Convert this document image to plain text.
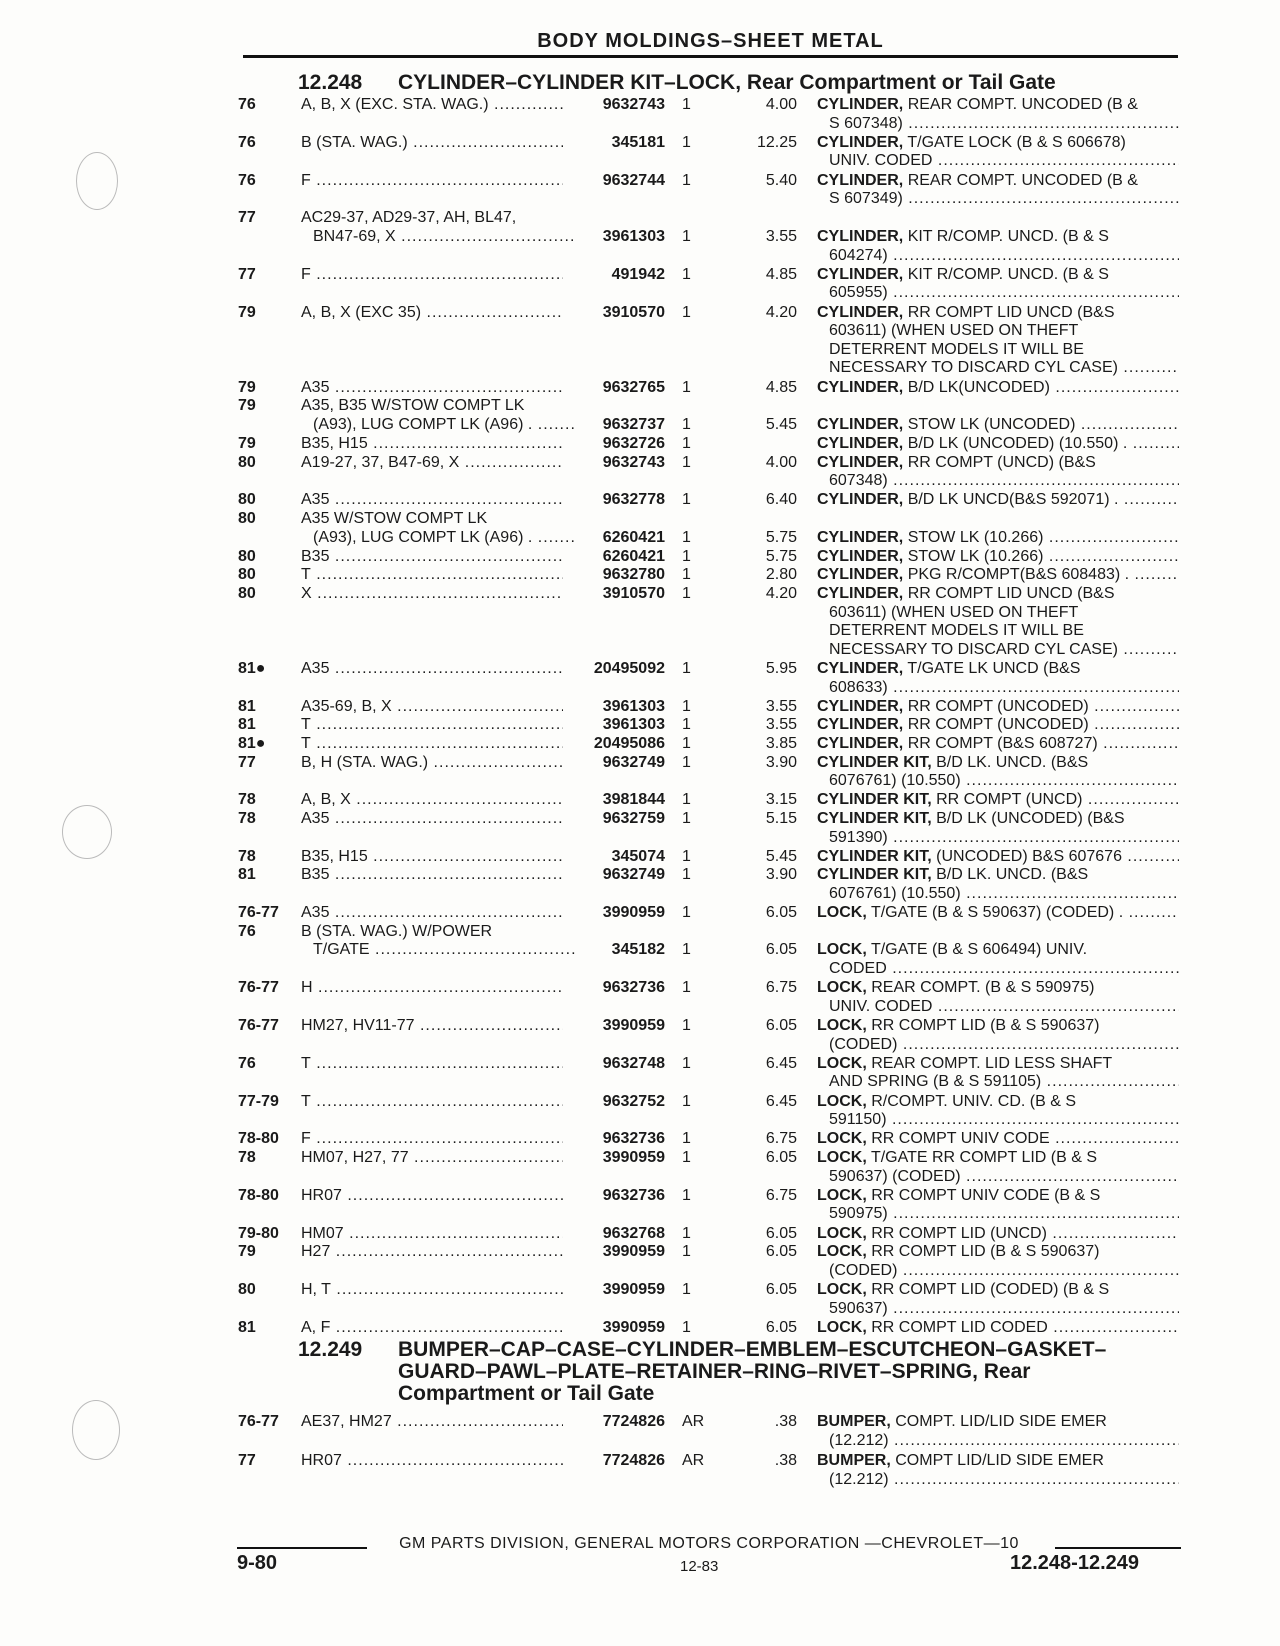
BODY MOLDINGS–SHEET METAL
12.248 CYLINDER–CYLINDER KIT–LOCK, Rear Compartment or Tail Gate
76	A, B, X (EXC. STA. WAG.) .....	9632743 1	4.00 CYLINDER, REAR COMPT. UNCODED (B &
S 607348) .....
76	B (STA. WAG.) .....	345181 1	12.25 CYLINDER, T/GATE LOCK (B & S 606678)
UNIV. CODED .....
76	F .....	9632744 1	5.40 CYLINDER, REAR COMPT. UNCODED (B &
S 607349) .....
77	AC29-37, AD29-37, AH, BL47,
BN47-69, X .....	3961303 1	3.55 CYLINDER, KIT R/COMP. UNCD. (B & S
604274) .....
77	F .....	491942 1	4.85 CYLINDER, KIT R/COMP. UNCD. (B & S
605955) .....
79	A, B, X (EXC 35) .....	3910570 1	4.20 CYLINDER, RR COMPT LID UNCD (B&S
603611) (WHEN USED ON THEFT
DETERRENT MODELS IT WILL BE
NECESSARY TO DISCARD CYL CASE) .....
79	A35 .....	9632765 1	4.85 CYLINDER, B/D LK(UNCODED) .....
79	A35, B35 W/STOW COMPT LK
(A93), LUG COMPT LK (A96) . .....	9632737 1	5.45 CYLINDER, STOW LK (UNCODED) .....
79	B35, H15 .....	9632726 1	CYLINDER, B/D LK (UNCODED) (10.550) . .....
80	A19-27, 37, B47-69, X .....	9632743 1	4.00 CYLINDER, RR COMPT (UNCD) (B&S
607348) .....
80	A35 .....	9632778 1	6.40 CYLINDER, B/D LK UNCD(B&S 592071) . .....
80	A35 W/STOW COMPT LK
(A93), LUG COMPT LK (A96) . .....	6260421 1	5.75 CYLINDER, STOW LK (10.266) .....
80	B35 .....	6260421 1	5.75 CYLINDER, STOW LK (10.266) .....
80	T .....	9632780 1	2.80 CYLINDER, PKG R/COMPT(B&S 608483) . .....
80	X .....	3910570 1	4.20 CYLINDER, RR COMPT LID UNCD (B&S
603611) (WHEN USED ON THEFT
DETERRENT MODELS IT WILL BE
NECESSARY TO DISCARD CYL CASE) .....
81●	A35 .....	20495092 1	5.95 CYLINDER, T/GATE LK UNCD (B&S
608633) .....
81	A35-69, B, X .....	3961303 1	3.55 CYLINDER, RR COMPT (UNCODED) .....
81	T .....	3961303 1	3.55 CYLINDER, RR COMPT (UNCODED) .....
81●	T .....	20495086 1	3.85 CYLINDER, RR COMPT (B&S 608727) .....
77	B, H (STA. WAG.) .....	9632749 1	3.90 CYLINDER KIT, B/D LK. UNCD. (B&S
6076761) (10.550) .....
78	A, B, X .....	3981844 1	3.15 CYLINDER KIT, RR COMPT (UNCD) .....
78	A35 .....	9632759 1	5.15 CYLINDER KIT, B/D LK (UNCODED) (B&S
591390) .....
78	B35, H15 .....	345074 1	5.45 CYLINDER KIT, (UNCODED) B&S 607676 .....
81	B35 .....	9632749 1	3.90 CYLINDER KIT, B/D LK. UNCD. (B&S
6076761) (10.550) .....
76-77	A35 .....	3990959 1	6.05 LOCK, T/GATE (B & S 590637) (CODED) . .....
76	B (STA. WAG.) W/POWER
T/GATE .....	345182 1	6.05 LOCK, T/GATE (B & S 606494) UNIV.
CODED .....
76-77	H .....	9632736 1	6.75 LOCK, REAR COMPT. (B & S 590975)
UNIV. CODED .....
76-77	HM27, HV11-77 .....	3990959 1	6.05 LOCK, RR COMPT LID (B & S 590637)
(CODED) .....
76	T .....	9632748 1	6.45 LOCK, REAR COMPT. LID LESS SHAFT
AND SPRING (B & S 591105) .....
77-79	T .....	9632752 1	6.45 LOCK, R/COMPT. UNIV. CD. (B & S
591150) .....
78-80	F .....	9632736 1	6.75 LOCK, RR COMPT UNIV CODE .....
78	HM07, H27, 77 .....	3990959 1	6.05 LOCK, T/GATE RR COMPT LID (B & S
590637) (CODED) .....
78-80	HR07 .....	9632736 1	6.75 LOCK, RR COMPT UNIV CODE (B & S
590975) .....
79-80	HM07 .....	9632768 1	6.05 LOCK, RR COMPT LID (UNCD) .....
79	H27 .....	3990959 1	6.05 LOCK, RR COMPT LID (B & S 590637)
(CODED) .....
80	H, T .....	3990959 1	6.05 LOCK, RR COMPT LID (CODED) (B & S
590637) .....
81	A, F .....	3990959 1	6.05 LOCK, RR COMPT LID CODED .....
12.249 BUMPER–CAP–CASE–CYLINDER–EMBLEM–ESCUTCHEON–GASKET–
GUARD–PAWL–PLATE–RETAINER–RING–RIVET–SPRING, Rear
Compartment or Tail Gate
76-77	AE37, HM27 .....	7724826 AR	.38 BUMPER, COMPT. LID/LID SIDE EMER
(12.212) .....
77	HR07 .....	7724826 AR	.38 BUMPER, COMPT LID/LID SIDE EMER
(12.212) .....
GM PARTS DIVISION, GENERAL MOTORS CORPORATION —CHEVROLET—10
9-80	12-83	12.248-12.249
